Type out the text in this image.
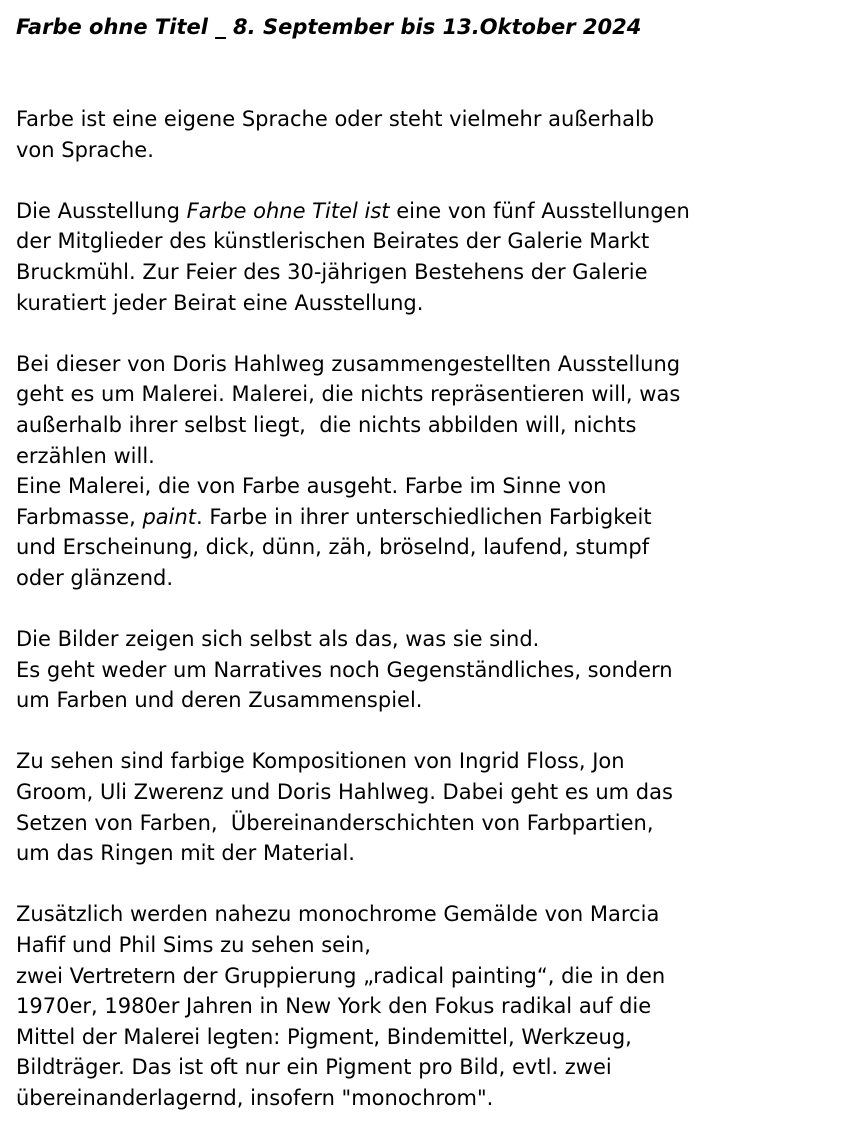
Farbe ohne Titel _ 8. September bis 13.Oktober 2024

Farbe ist eine eigene Sprache oder steht vielmehr außerhalb
von Sprache.

Die Ausstellung Farbe ohne Titel ist eine von fünf Ausstellungen
der Mitglieder des künstlerischen Beirates der Galerie Markt
Bruckmühl. Zur Feier des 30-jährigen Bestehens der Galerie
kuratiert jeder Beirat eine Ausstellung.

Bei dieser von Doris Hahlweg zusammengestellten Ausstellung
geht es um Malerei. Malerei, die nichts repräsentieren will, was
außerhalb ihrer selbst liegt,  die nichts abbilden will, nichts
erzählen will.
Eine Malerei, die von Farbe ausgeht. Farbe im Sinne von
Farbmasse, paint. Farbe in ihrer unterschiedlichen Farbigkeit
und Erscheinung, dick, dünn, zäh, bröselnd, laufend, stumpf
oder glänzend.

Die Bilder zeigen sich selbst als das, was sie sind.
Es geht weder um Narratives noch Gegenständliches, sondern
um Farben und deren Zusammenspiel.

Zu sehen sind farbige Kompositionen von Ingrid Floss, Jon
Groom, Uli Zwerenz und Doris Hahlweg. Dabei geht es um das
Setzen von Farben,  Übereinanderschichten von Farbpartien,
um das Ringen mit der Material.

Zusätzlich werden nahezu monochrome Gemälde von Marcia
Hafif und Phil Sims zu sehen sein,
zwei Vertretern der Gruppierung „radical painting“, die in den
1970er, 1980er Jahren in New York den Fokus radikal auf die
Mittel der Malerei legten: Pigment, Bindemittel, Werkzeug,
Bildträger. Das ist oft nur ein Pigment pro Bild, evtl. zwei
übereinanderlagernd, insofern "monochrom".
